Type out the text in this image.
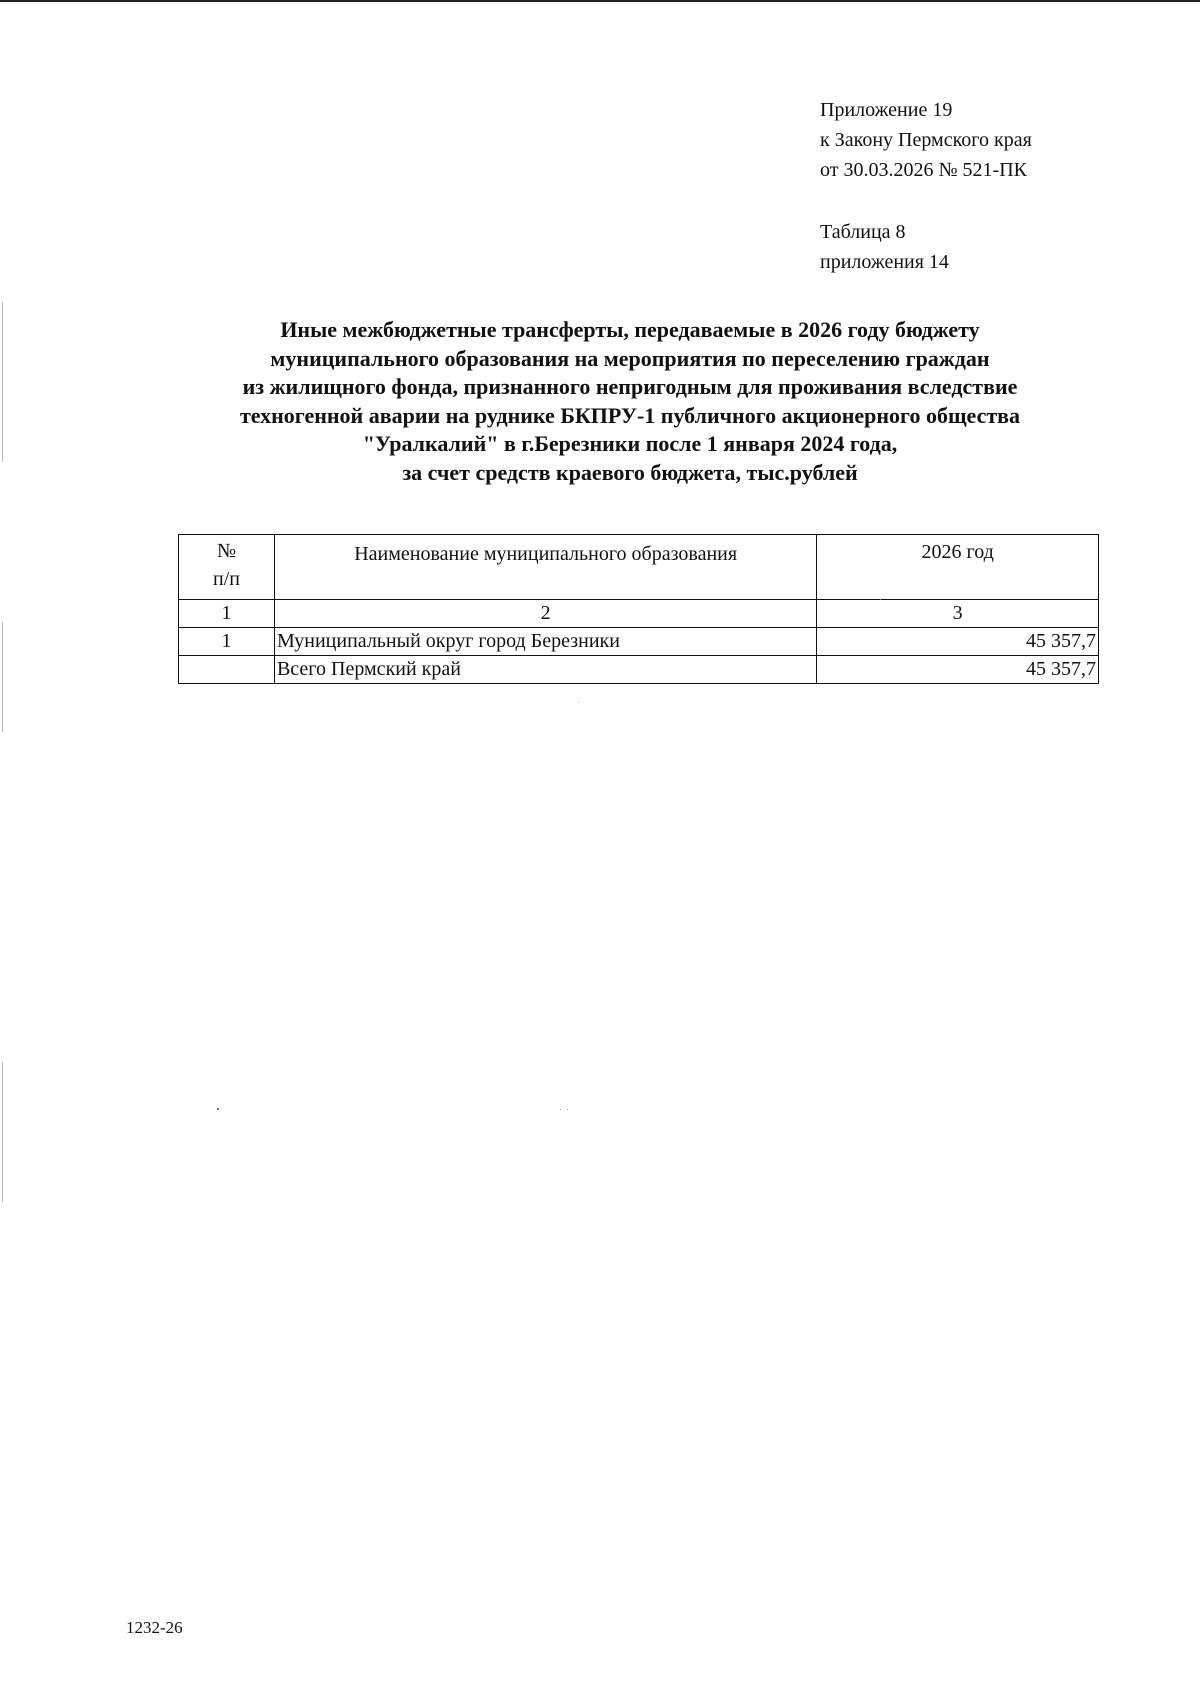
Приложение 19
к Закону Пермского края
от 30.03.2026 № 521-ПК
Таблица 8
приложения 14
Иные межбюджетные трансферты, передаваемые в 2026 году бюджету
муниципального образования на мероприятия по переселению граждан
из жилищного фонда, признанного непригодным для проживания вследствие
техногенной аварии на руднике БКПРУ-1 публичного акционерного общества
"Уралкалий" в г.Березники после 1 января 2024 года,
за счет средств краевого бюджета, тыс.рублей
№
п/п	Наименование муниципального образования	2026 год
1	2	3
1	Муниципальный округ город Березники	45 357,7
	Всего Пермский край	45 357,7
1232-26
